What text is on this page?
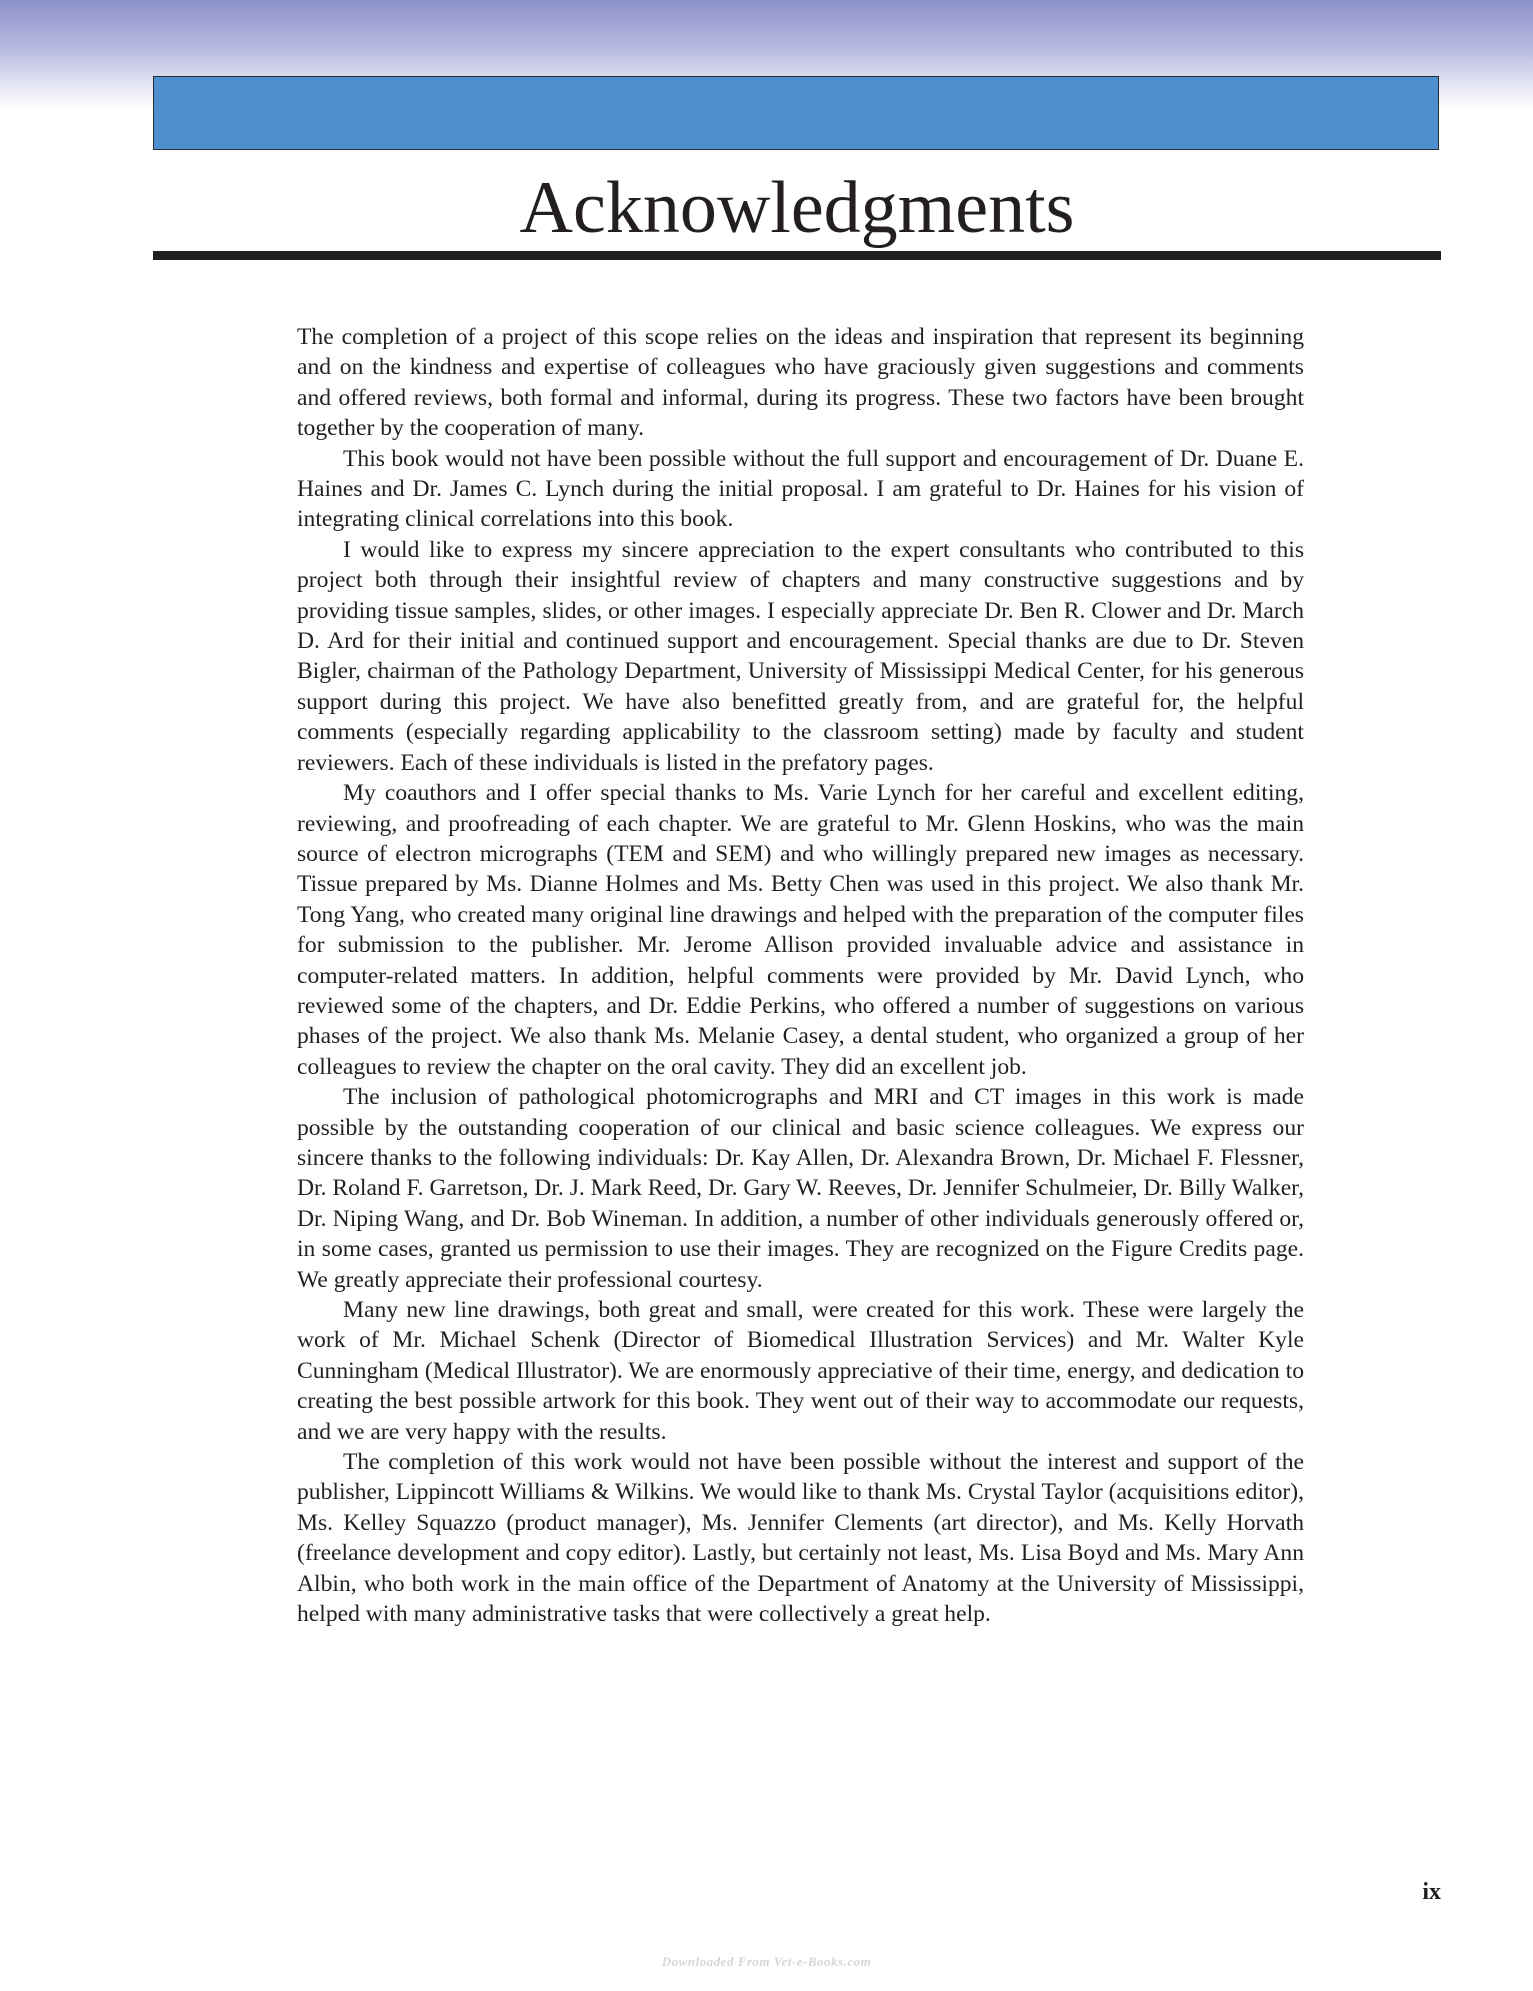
Acknowledgments

The completion of a project of this scope relies on the ideas and inspiration that represent its beginning and on the kindness and expertise of colleagues who have graciously given suggestions and comments and offered reviews, both formal and informal, during its progress. These two factors have been brought together by the cooperation of many.

This book would not have been possible without the full support and encouragement of Dr. Duane E. Haines and Dr. James C. Lynch during the initial proposal. I am grateful to Dr. Haines for his vision of integrating clinical correlations into this book.

I would like to express my sincere appreciation to the expert consultants who contributed to this project both through their insightful review of chapters and many constructive suggestions and by providing tissue samples, slides, or other images. I especially appreciate Dr. Ben R. Clower and Dr. March D. Ard for their initial and continued support and encouragement. Special thanks are due to Dr. Steven Bigler, chairman of the Pathology Department, University of Mississippi Medical Center, for his generous support during this project. We have also benefitted greatly from, and are grateful for, the helpful comments (especially regarding applicability to the classroom setting) made by faculty and student reviewers. Each of these individuals is listed in the prefatory pages.

My coauthors and I offer special thanks to Ms. Varie Lynch for her careful and excellent editing, reviewing, and proofreading of each chapter. We are grateful to Mr. Glenn Hoskins, who was the main source of electron micrographs (TEM and SEM) and who willingly prepared new images as necessary. Tissue prepared by Ms. Dianne Holmes and Ms. Betty Chen was used in this project. We also thank Mr. Tong Yang, who created many original line drawings and helped with the preparation of the computer files for submission to the publisher. Mr. Jerome Allison provided invaluable advice and assistance in computer-related matters. In addition, helpful comments were provided by Mr. David Lynch, who reviewed some of the chapters, and Dr. Eddie Perkins, who offered a number of suggestions on various phases of the project. We also thank Ms. Melanie Casey, a dental student, who organized a group of her colleagues to review the chapter on the oral cavity. They did an excellent job.

The inclusion of pathological photomicrographs and MRI and CT images in this work is made possible by the outstanding cooperation of our clinical and basic science colleagues. We express our sincere thanks to the following individuals: Dr. Kay Allen, Dr. Alexandra Brown, Dr. Michael F. Flessner, Dr. Roland F. Garretson, Dr. J. Mark Reed, Dr. Gary W. Reeves, Dr. Jennifer Schulmeier, Dr. Billy Walker, Dr. Niping Wang, and Dr. Bob Wineman. In addition, a number of other individuals generously offered or, in some cases, granted us permission to use their images. They are recognized on the Figure Credits page. We greatly appreciate their professional courtesy.

Many new line drawings, both great and small, were created for this work. These were largely the work of Mr. Michael Schenk (Director of Biomedical Illustration Services) and Mr. Walter Kyle Cunningham (Medical Illustrator). We are enormously appreciative of their time, energy, and dedication to creating the best possible artwork for this book. They went out of their way to accommodate our requests, and we are very happy with the results.

The completion of this work would not have been possible without the interest and support of the publisher, Lippincott Williams & Wilkins. We would like to thank Ms. Crystal Taylor (acquisitions editor), Ms. Kelley Squazzo (product manager), Ms. Jennifer Clements (art director), and Ms. Kelly Horvath (freelance development and copy editor). Lastly, but certainly not least, Ms. Lisa Boyd and Ms. Mary Ann Albin, who both work in the main office of the Department of Anatomy at the University of Mississippi, helped with many administrative tasks that were collectively a great help.

ix
Downloaded From Vet-e-Books.com
